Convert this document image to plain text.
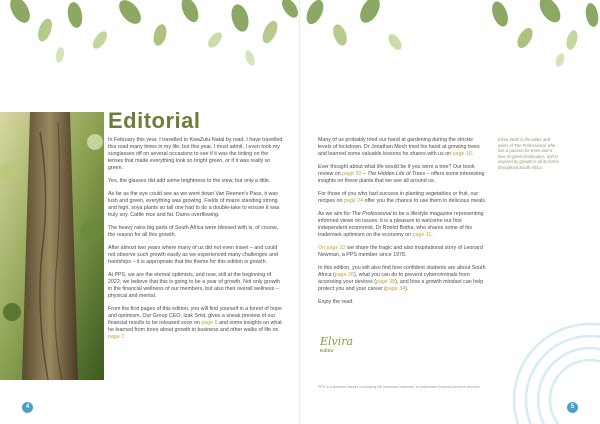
Editorial

In February this year, I travelled to KwaZulu-Natal by road. I have travelled this road many times in my life, but this year, I must admit, I even took my sunglasses off on several occasions to see if it was the tinting on the lenses that made everything look so bright green, or if it was really so green.

Yes, the glasses did add some brightness to the view, but only a little.

As far as the eye could see as we went down Van Reenen's Pass, it was lush and green, everything was growing. Fields of maize standing strong and high, soya plants so tall one had to do a double-take to ensure it was truly soy. Cattle nice and fat. Dams overflowing.

The heavy rains big parts of South Africa were blessed with is, of course, the reason for all this growth.

After almost two years where many of us did not even travel – and could not observe such growth easily as we experienced many challenges and hardships – it is appropriate that the theme for this edition is growth.

At PPS, we are the eternal optimists, and now, still at the beginning of 2022, we believe that this is going to be a year of growth. Not only growth in the financial wellness of our members, but also their overall wellness – physical and mental.

From the first pages of this edition, you will find yourself in a forest of hope and optimism. Our Group CEO, Izak Smit, gives a sneak preview of our financial results to be released soon on page 6 and some insights on what he learned from trees about growth in business and other walks of life on page 7.

4

Many of us probably tried our hand at gardening during the stricter levels of lockdown. Dr Jonathan Moch tried his hand at growing trees and learned some valuable lessons he shares with us on page 16.

Ever thought about what life would be if you were a tree? Our book review on page 30 – The Hidden Life of Trees – offers some interesting insights on these plants that we see all around us.

For those of you who had success in planting vegetables or fruit, our recipes on page 24 offer you the chance to use them in delicious meals.

As we aim for The Professional to be a lifestyle magazine representing informed views on issues, it is a pleasure to welcome our first independent economist, Dr Roelof Botha, who shares some of his trademark optimism on the economy on page 11.

On page 22 we share the tragic and also inspirational story of Leonard Newman, a PPS member since 1978.

In this edition, you will also find how confident students are about South Africa (page 26), what you can do to prevent cybercriminals from accessing your devices (page 38), and how a growth mindset can help protect you and your career (page 34).

Enjoy the read.

Elvira Wahl is the editor and writer of The Professional. She has a passion for trees and a love of green landscapes, and is inspired by growth in all its forms throughout South Africa.
Elvira
Editor
PPS is a licensed insurer conducting life insurance business, an authorised financial services provider.
5
